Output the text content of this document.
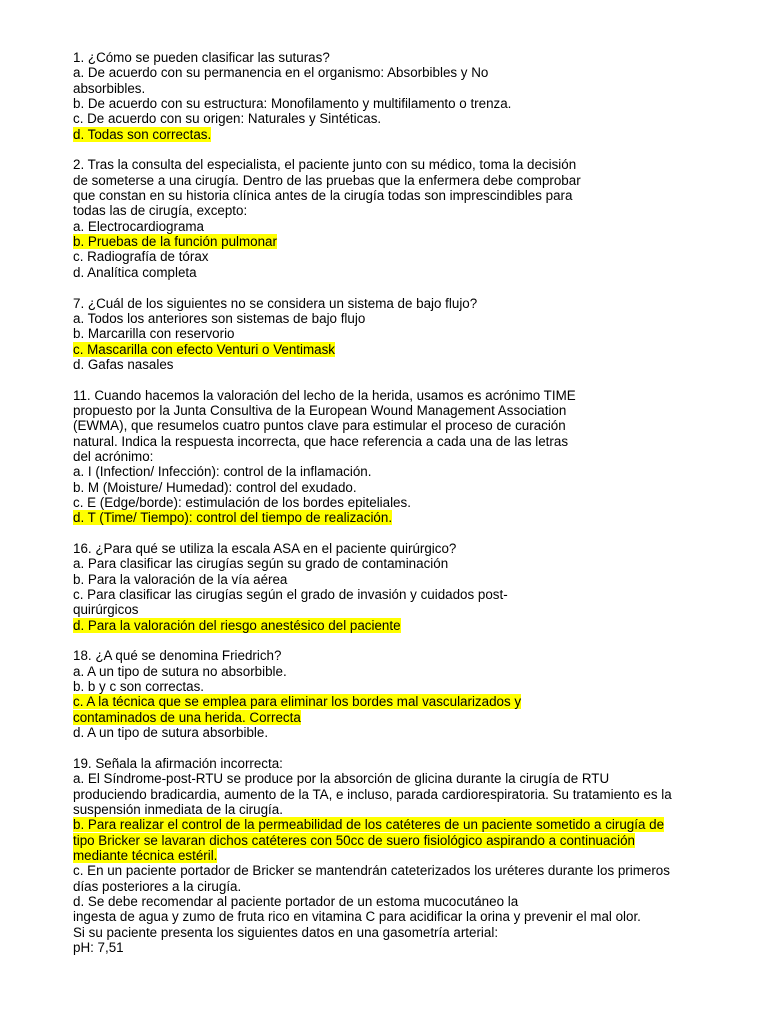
1. ¿Cómo se pueden clasificar las suturas?
a. De acuerdo con su permanencia en el organismo: Absorbibles y No
absorbibles.
b. De acuerdo con su estructura: Monofilamento y multifilamento o trenza.
c. De acuerdo con su origen: Naturales y Sintéticas.
d. Todas son correctas.
2. Tras la consulta del especialista, el paciente junto con su médico, toma la decisión
de someterse a una cirugía. Dentro de las pruebas que la enfermera debe comprobar
que constan en su historia clínica antes de la cirugía todas son imprescindibles para
todas las de cirugía, excepto:
a. Electrocardiograma
b. Pruebas de la función pulmonar
c. Radiografía de tórax
d. Analítica completa
7. ¿Cuál de los siguientes no se considera un sistema de bajo flujo?
a. Todos los anteriores son sistemas de bajo flujo
b. Marcarilla con reservorio
c. Mascarilla con efecto Venturi o Ventimask
d. Gafas nasales
11. Cuando hacemos la valoración del lecho de la herida, usamos es acrónimo TIME
propuesto por la Junta Consultiva de la European Wound Management Association
(EWMA), que resumelos cuatro puntos clave para estimular el proceso de curación
natural. Indica la respuesta incorrecta, que hace referencia a cada una de las letras
del acrónimo:
a. I (Infection/ Infección): control de la inflamación.
b. M (Moisture/ Humedad): control del exudado.
c. E (Edge/borde): estimulación de los bordes epiteliales.
d. T (Time/ Tiempo): control del tiempo de realización.
16. ¿Para qué se utiliza la escala ASA en el paciente quirúrgico?
a. Para clasificar las cirugías según su grado de contaminación
b. Para la valoración de la vía aérea
c. Para clasificar las cirugías según el grado de invasión y cuidados post-
quirúrgicos
d. Para la valoración del riesgo anestésico del paciente
18. ¿A qué se denomina Friedrich?
a. A un tipo de sutura no absorbible.
b. b y c son correctas.
c. A la técnica que se emplea para eliminar los bordes mal vascularizados y
contaminados de una herida. Correcta
d. A un tipo de sutura absorbible.
19. Señala la afirmación incorrecta:
a. El Síndrome-post-RTU se produce por la absorción de glicina durante la cirugía de RTU
produciendo bradicardia, aumento de la TA, e incluso, parada cardiorespiratoria. Su tratamiento es la
suspensión inmediata de la cirugía.
b. Para realizar el control de la permeabilidad de los catéteres de un paciente sometido a cirugía de
tipo Bricker se lavaran dichos catéteres con 50cc de suero fisiológico aspirando a continuación
mediante técnica estéril.
c. En un paciente portador de Bricker se mantendrán cateterizados los uréteres durante los primeros
días posteriores a la cirugía.
d. Se debe recomendar al paciente portador de un estoma mucocutáneo la
ingesta de agua y zumo de fruta rico en vitamina C para acidificar la orina y prevenir el mal olor.
Si su paciente presenta los siguientes datos en una gasometría arterial:
pH: 7,51
